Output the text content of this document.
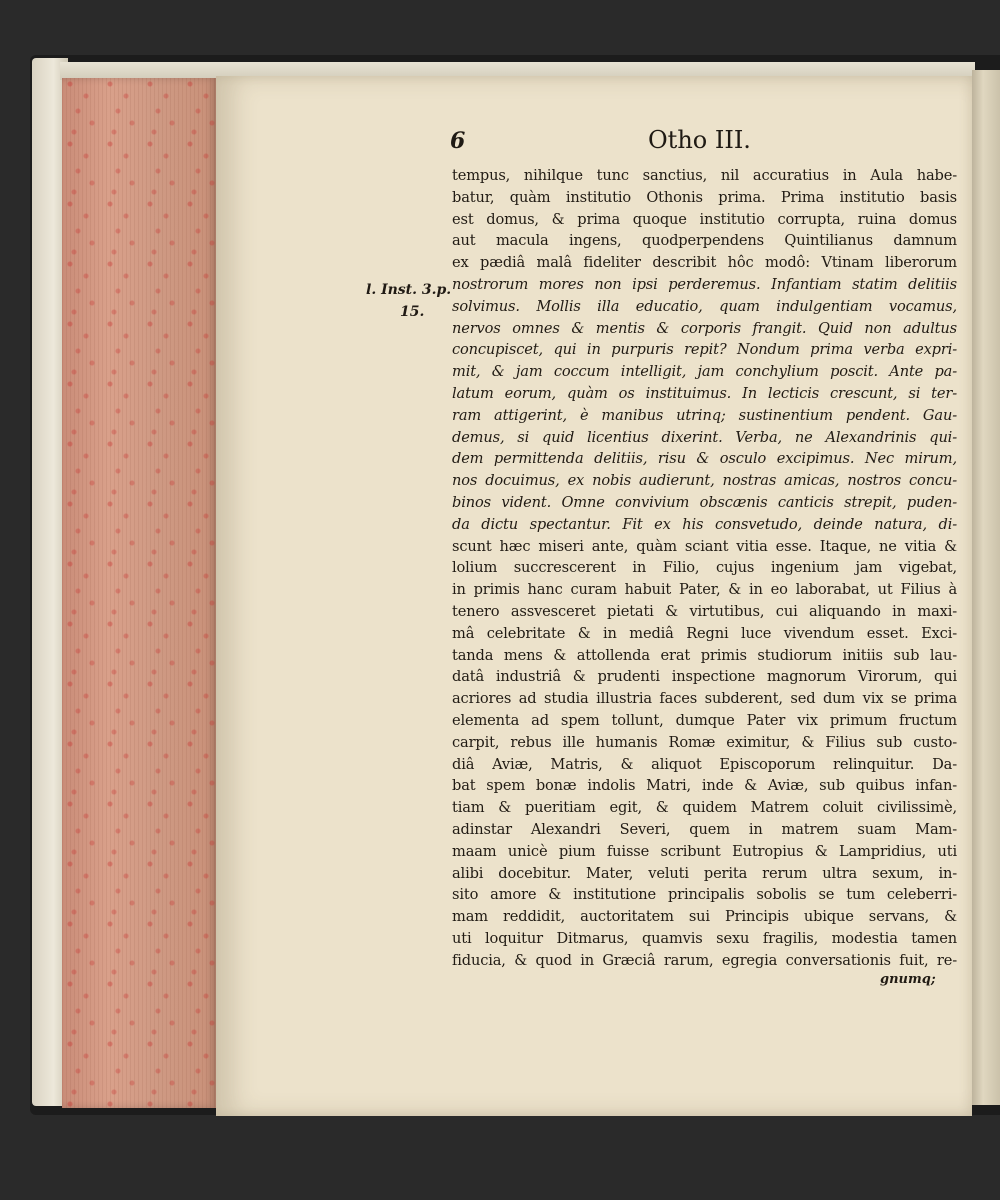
6	Otho III.
l. Inst. 3.p.
15.
tempus, nihilque tunc sanctius, nil accuratius in Aula habe-
batur, quàm institutio Othonis prima. Prima institutio basis
est domus, & prima quoque institutio corrupta, ruina domus
aut macula ingens, quodperpendens Quintilianus damnum
ex pædiâ malâ fideliter describit hôc modô: Vtinam liberorum
nostrorum mores non ipsi perderemus. Infantiam statim delitiis
solvimus. Mollis illa educatio, quam indulgentiam vocamus,
nervos omnes & mentis & corporis frangit. Quid non adultus
concupiscet, qui in purpuris repit? Nondum prima verba expri-
mit, & jam coccum intelligit, jam conchylium poscit. Ante pa-
latum eorum, quàm os instituimus. In lecticis crescunt, si ter-
ram attigerint, è manibus utrinq; sustinentium pendent. Gau-
demus, si quid licentius dixerint. Verba, ne Alexandrinis qui-
dem permittenda delitiis, risu & osculo excipimus. Nec mirum,
nos docuimus, ex nobis audierunt, nostras amicas, nostros concu-
binos vident. Omne convivium obscænis canticis strepit, puden-
da dictu spectantur. Fit ex his consvetudo, deinde natura, di-
scunt hæc miseri ante, quàm sciant vitia esse. Itaque, ne vitia &
lolium succrescerent in Filio, cujus ingenium jam vigebat,
in primis hanc curam habuit Pater, & in eo laborabat, ut Filius à
tenero assvesceret pietati & virtutibus, cui aliquando in maxi-
mâ celebritate & in mediâ Regni luce vivendum esset. Exci-
tanda mens & attollenda erat primis studiorum initiis sub lau-
datâ industriâ & prudenti inspectione magnorum Virorum, qui
acriores ad studia illustria faces subderent, sed dum vix se prima
elementa ad spem tollunt, dumque Pater vix primum fructum
carpit, rebus ille humanis Romæ eximitur, & Filius sub custo-
diâ Aviæ, Matris, & aliquot Episcoporum relinquitur. Da-
bat spem bonæ indolis Matri, inde & Aviæ, sub quibus infan-
tiam & pueritiam egit, & quidem Matrem coluit civilissimè,
adinstar Alexandri Severi, quem in matrem suam Mam-
maam unicè pium fuisse scribunt Eutropius & Lampridius, uti
alibi docebitur. Mater, veluti perita rerum ultra sexum, in-
sito amore & institutione principalis sobolis se tum celeberri-
mam reddidit, auctoritatem sui Principis ubique servans, &
uti loquitur Ditmarus, quamvis sexu fragilis, modestia tamen
fiducia, & quod in Græciâ rarum, egregia conversationis fuit, re-
gnumq;
